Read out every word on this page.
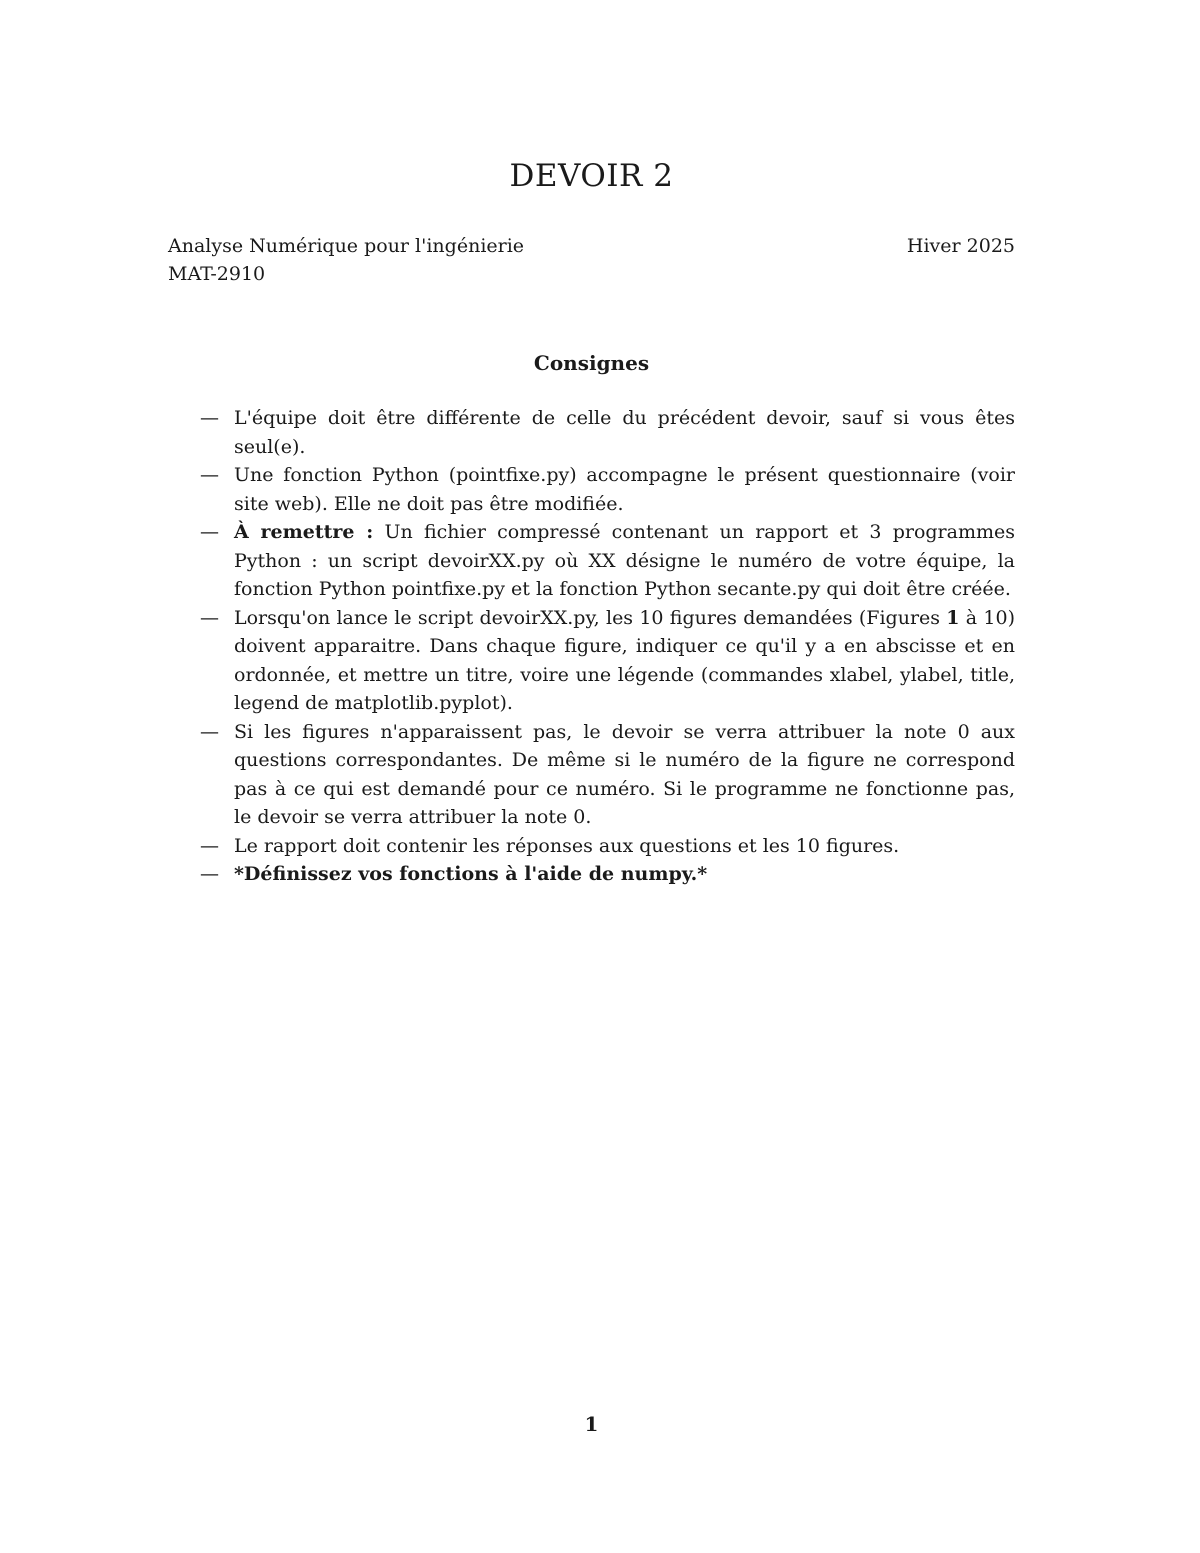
DEVOIR 2
Analyse Numérique pour l'ingénierie	Hiver 2025
MAT-2910
Consignes
— L'équipe doit être différente de celle du précédent devoir, sauf si vous êtes seul(e).
— Une fonction Python (pointfixe.py) accompagne le présent questionnaire (voir site web). Elle ne doit pas être modifiée.
— À remettre : Un fichier compressé contenant un rapport et 3 programmes Python : un script devoirXX.py où XX désigne le numéro de votre équipe, la fonction Python pointfixe.py et la fonction Python secante.py qui doit être créée.
— Lorsqu'on lance le script devoirXX.py, les 10 figures demandées (Figures 1 à 10) doivent apparaitre. Dans chaque figure, indiquer ce qu'il y a en abscisse et en ordonnée, et mettre un titre, voire une légende (commandes xlabel, ylabel, title, legend de matplotlib.pyplot).
— Si les figures n'apparaissent pas, le devoir se verra attribuer la note 0 aux questions correspondantes. De même si le numéro de la figure ne correspond pas à ce qui est demandé pour ce numéro. Si le programme ne fonctionne pas, le devoir se verra attribuer la note 0.
— Le rapport doit contenir les réponses aux questions et les 10 figures.
— *Définissez vos fonctions à l'aide de numpy.*
1
